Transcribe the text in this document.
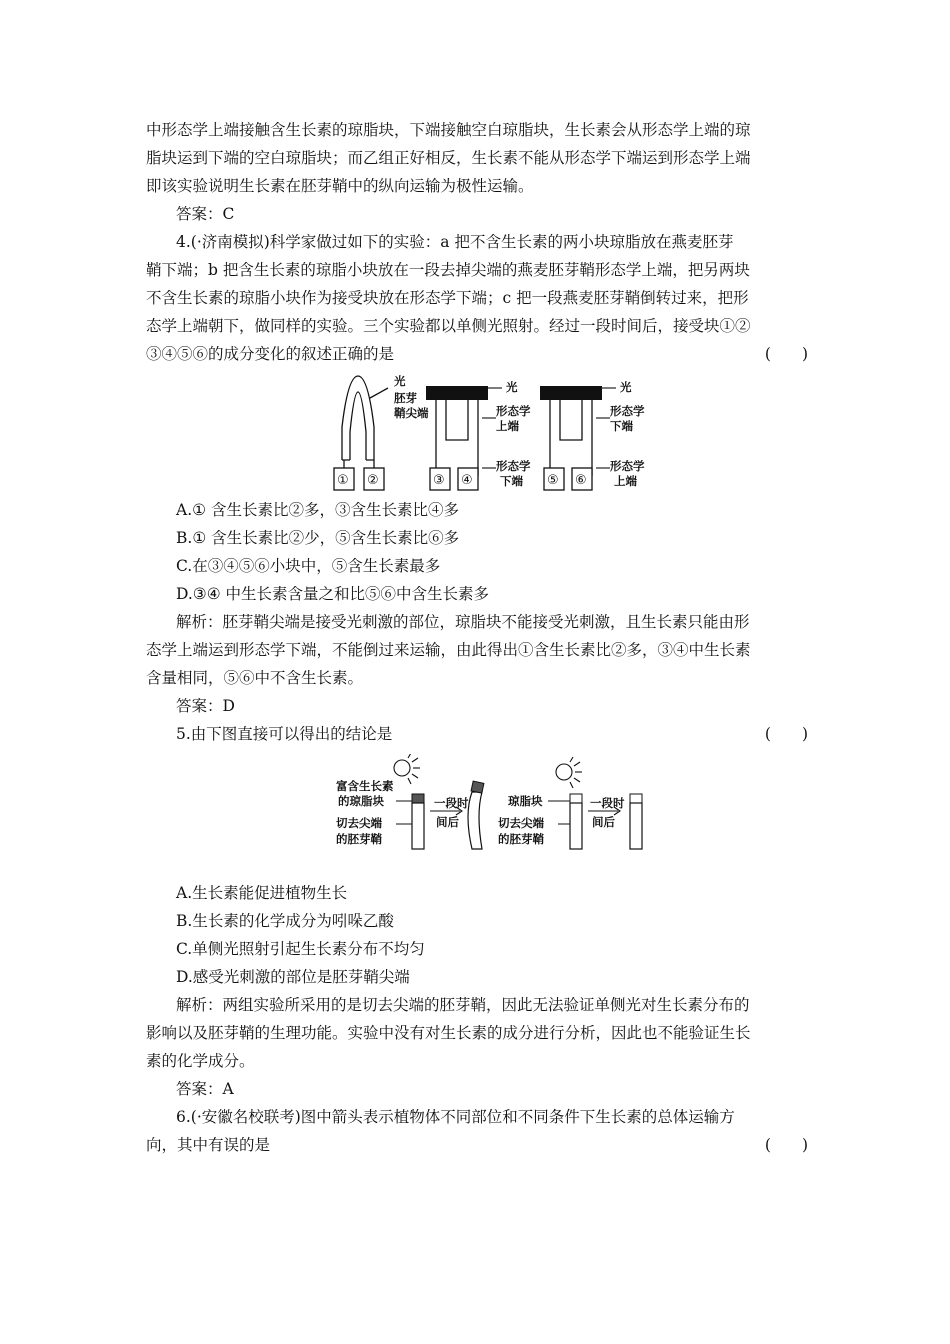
中形态学上端接触含生长素的琼脂块，下端接触空白琼脂块，生长素会从形态学上端的琼

脂块运到下端的空白琼脂块；而乙组正好相反，生长素不能从形态学下端运到形态学上端

即该实验说明生长素在胚芽鞘中的纵向运输为极性运输。

答案：C

4.(·济南模拟)科学家做过如下的实验：a 把不含生长素的两小块琼脂放在燕麦胚芽

鞘下端；b 把含生长素的琼脂小块放在一段去掉尖端的燕麦胚芽鞘形态学上端，把另两块

不含生长素的琼脂小块作为接受块放在形态学下端；c 把一段燕麦胚芽鞘倒转过来，把形

态学上端朝下，做同样的实验。三个实验都以单侧光照射。经过一段时间后，接受块①②

③④⑤⑥的成分变化的叙述正确的是	(　　)
① ②
光
胚芽
鞘尖端
③ ④
光
形态学
上端
形态学
下端 ⑤ ⑥
光
形态学
下端
形态学
上端

A.① 含生长素比②多，③含生长素比④多

B.① 含生长素比②少，⑤含生长素比⑥多

C.在③④⑤⑥小块中，⑤含生长素最多

D.③④ 中生长素含量之和比⑤⑥中含生长素多

解析：胚芽鞘尖端是接受光刺激的部位，琼脂块不能接受光刺激，且生长素只能由形

态学上端运到形态学下端，不能倒过来运输，由此得出①含生长素比②多，③④中生长素

含量相同，⑤⑥中不含生长素。

答案：D

5.由下图直接可以得出的结论是	(　　)
富含生长素
的琼脂块
切去尖端
的胚芽鞘
一段时
间后
琼脂块
切去尖端
的胚芽鞘
一段时
间后

A.生长素能促进植物生长

B.生长素的化学成分为吲哚乙酸

C.单侧光照射引起生长素分布不均匀

D.感受光刺激的部位是胚芽鞘尖端

解析：两组实验所采用的是切去尖端的胚芽鞘，因此无法验证单侧光对生长素分布的

影响以及胚芽鞘的生理功能。实验中没有对生长素的成分进行分析，因此也不能验证生长

素的化学成分。

答案：A

6.(·安徽名校联考)图中箭头表示植物体不同部位和不同条件下生长素的总体运输方

向，其中有误的是	(　　)
